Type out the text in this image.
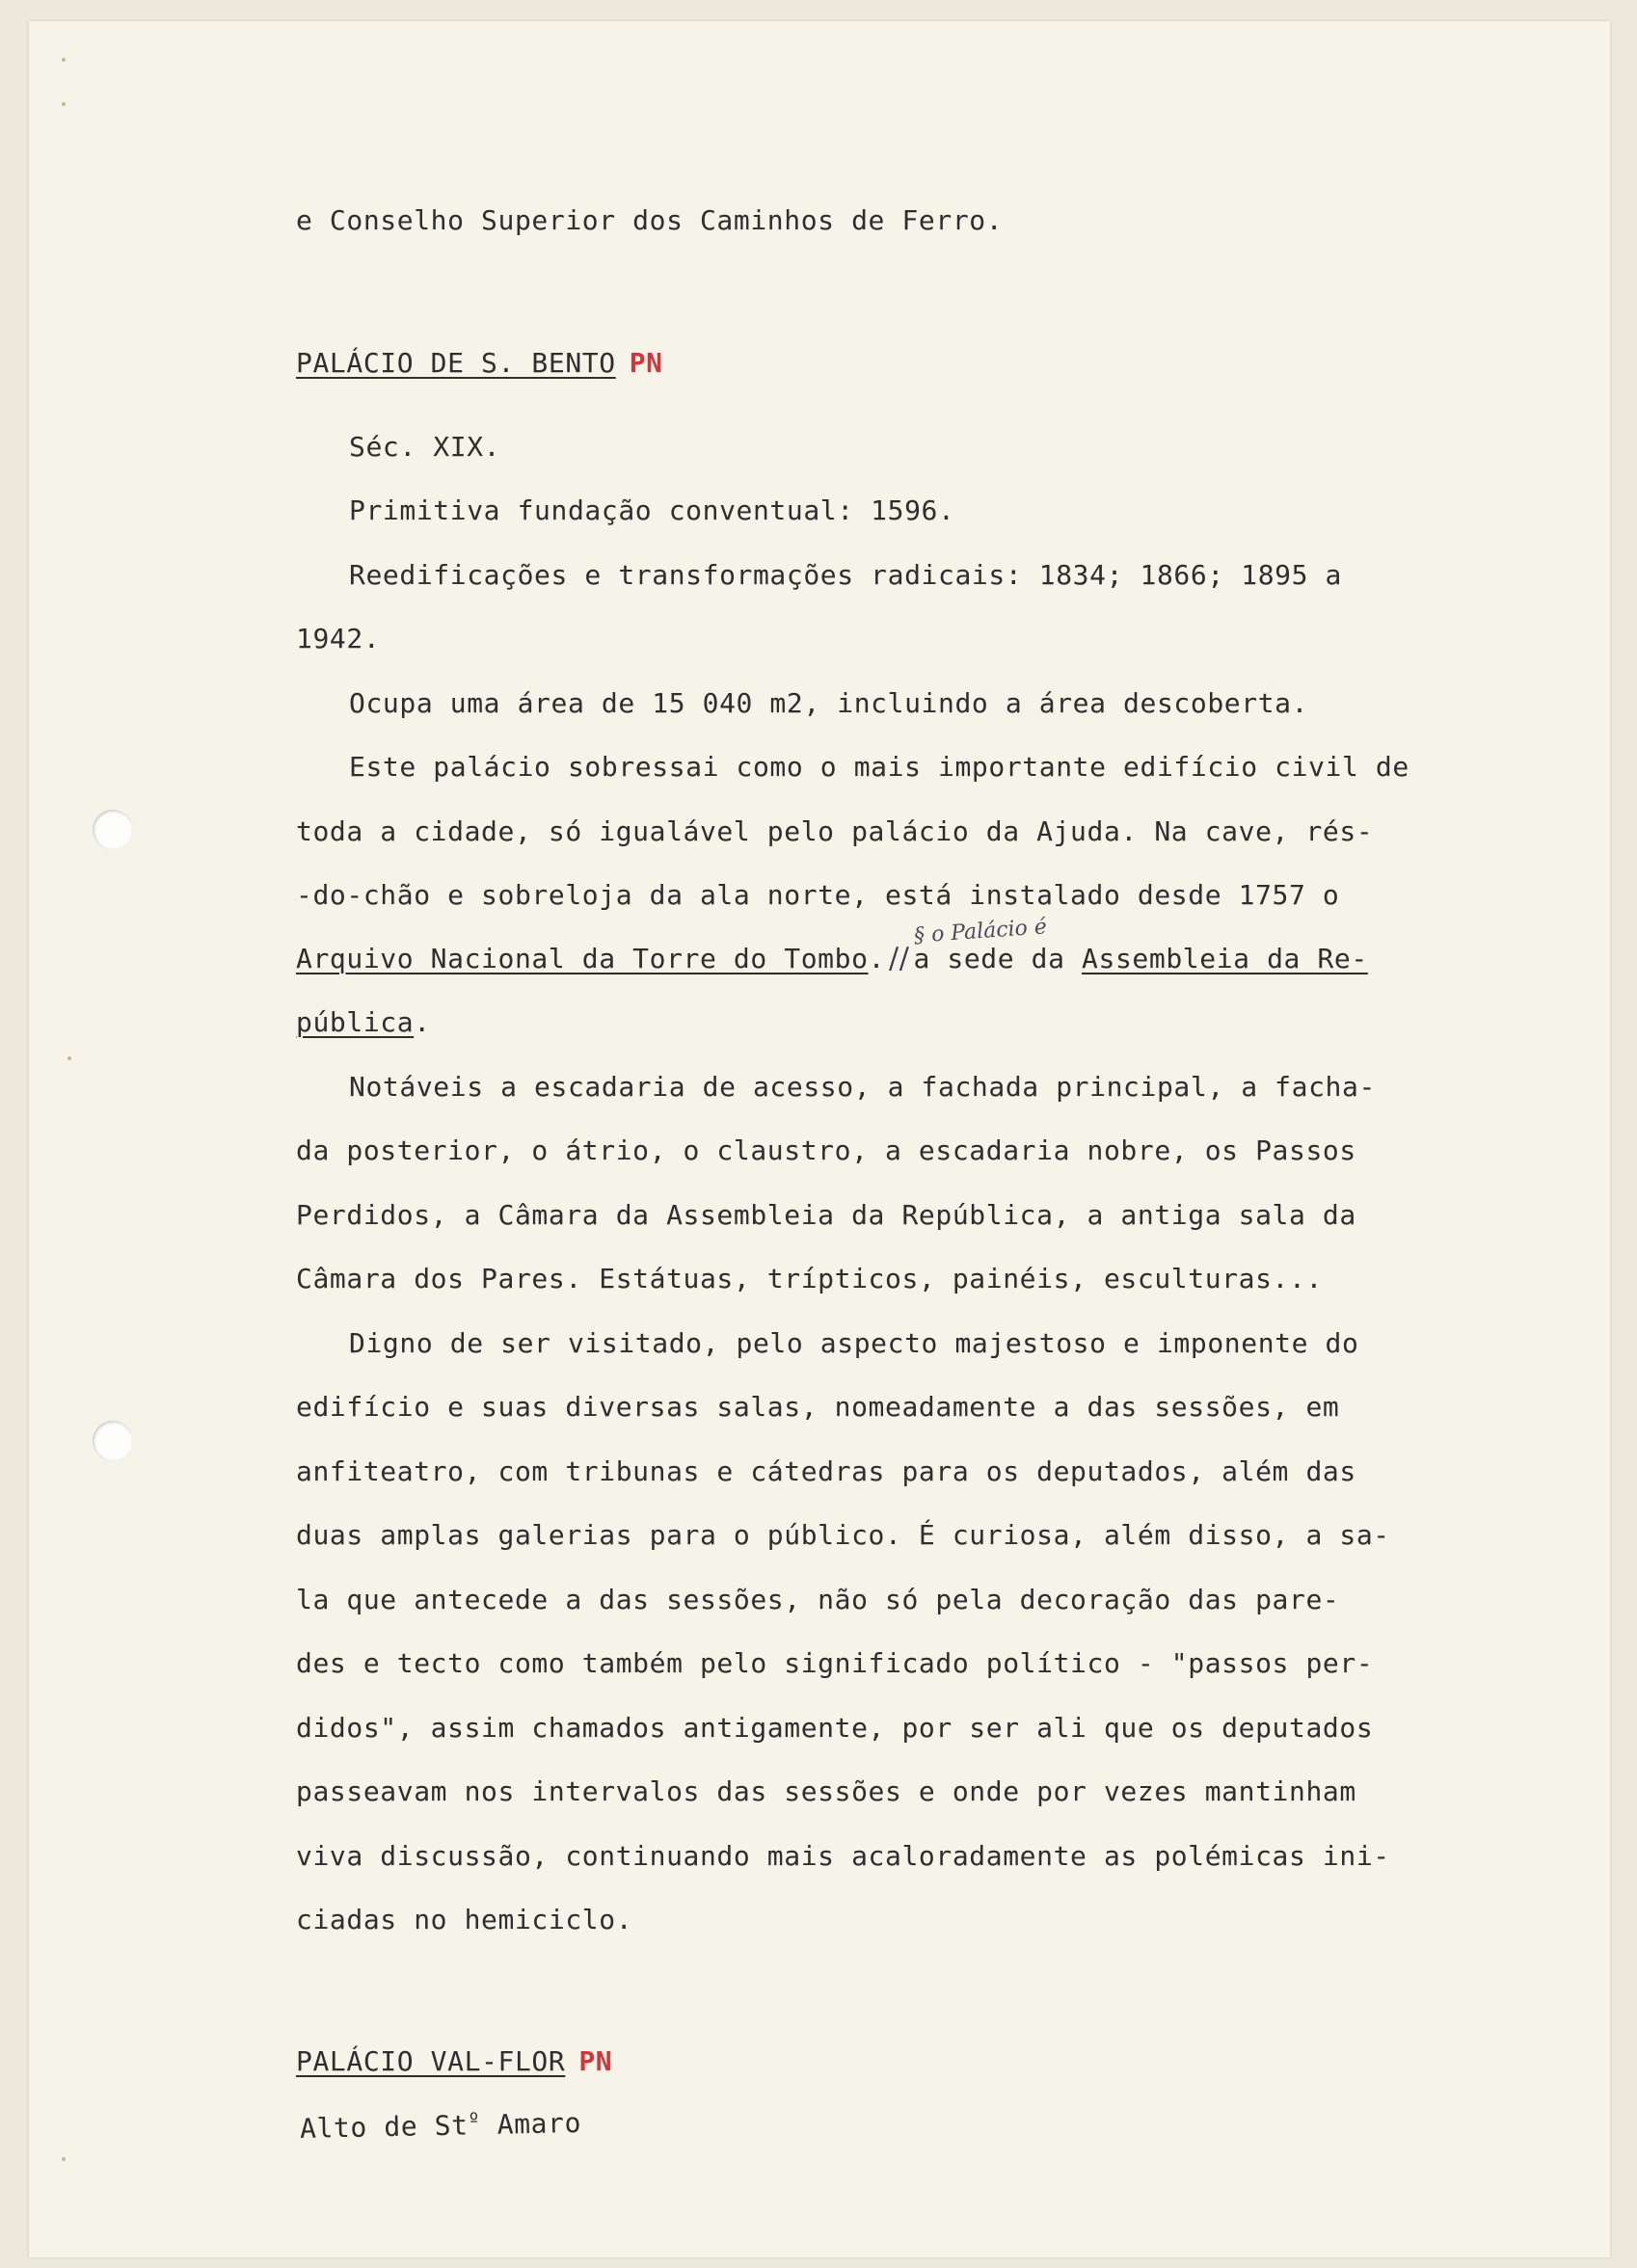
e Conselho Superior dos Caminhos de Ferro.
PALÁCIO DE S. BENTO PN
Séc. XIX.
Primitiva fundação conventual: 1596.
Reedificações e transformações radicais: 1834; 1866; 1895 a
1942.
Ocupa uma área de 15 040 m2, incluindo a área descoberta.
Este palácio sobressai como o mais importante edifício civil de
toda a cidade, só igualável pelo palácio da Ajuda. Na cave, rés-
-do-chão e sobreloja da ala norte, está instalado desde 1757 o
§ o Palácio é
Arquivo Nacional da Torre do Tombo. // a sede da Assembleia da Re-
pública.
Notáveis a escadaria de acesso, a fachada principal, a facha-
da posterior, o átrio, o claustro, a escadaria nobre, os Passos
Perdidos, a Câmara da Assembleia da República, a antiga sala da
Câmara dos Pares. Estátuas, trípticos, painéis, esculturas...
Digno de ser visitado, pelo aspecto majestoso e imponente do
edifício e suas diversas salas, nomeadamente a das sessões, em
anfiteatro, com tribunas e cátedras para os deputados, além das
duas amplas galerias para o público. É curiosa, além disso, a sa-
la que antecede a das sessões, não só pela decoração das pare-
des e tecto como também pelo significado político - "passos per-
didos", assim chamados antigamente, por ser ali que os deputados
passeavam nos intervalos das sessões e onde por vezes mantinham
viva discussão, continuando mais acaloradamente as polémicas ini-
ciadas no hemiciclo.
PALÁCIO VAL-FLOR PN
Alto de $St^º$ Amaro
